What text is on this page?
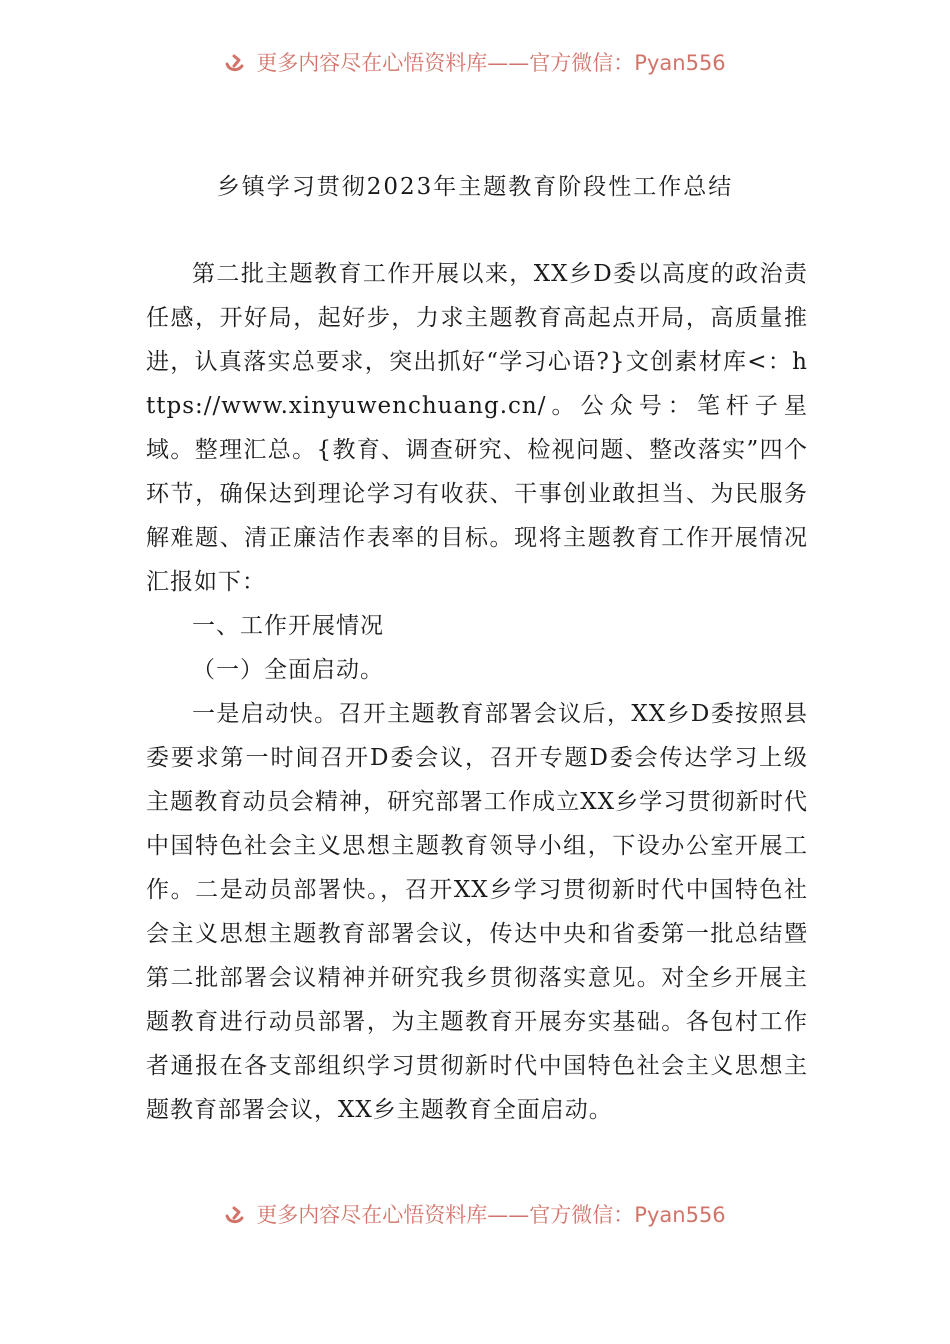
更多内容尽在心悟资料库——官方微信：Pyan556
乡镇学习贯彻2023年主题教育阶段性工作总结

第二批主题教育工作开展以来，XX乡D委以高度的政治责任感，开好局，起好步，力求主题教育高起点开局，高质量推进，认真落实总要求，突出抓好“学习心语?}文创素材库<：https://www.xinyuwenchuang.cn/。公众号：笔杆子星域。整理汇总。{教育、调查研究、检视问题、整改落实”四个环节，确保达到理论学习有收获、干事创业敢担当、为民服务解难题、清正廉洁作表率的目标。现将主题教育工作开展情况汇报如下：

一、工作开展情况

（一）全面启动。

一是启动快。召开主题教育部署会议后，XX乡D委按照县委要求第一时间召开D委会议，召开专题D委会传达学习上级主题教育动员会精神，研究部署工作成立XX乡学习贯彻新时代中国特色社会主义思想主题教育领导小组，下设办公室开展工作。二是动员部署快。，召开XX乡学习贯彻新时代中国特色社会主义思想主题教育部署会议，传达中央和省委第一批总结暨第二批部署会议精神并研究我乡贯彻落实意见。对全乡开展主题教育进行动员部署，为主题教育开展夯实基础。各包村工作者通报在各支部组织学习贯彻新时代中国特色社会主义思想主题教育部署会议，XX乡主题教育全面启动。

更多内容尽在心悟资料库——官方微信：Pyan556
